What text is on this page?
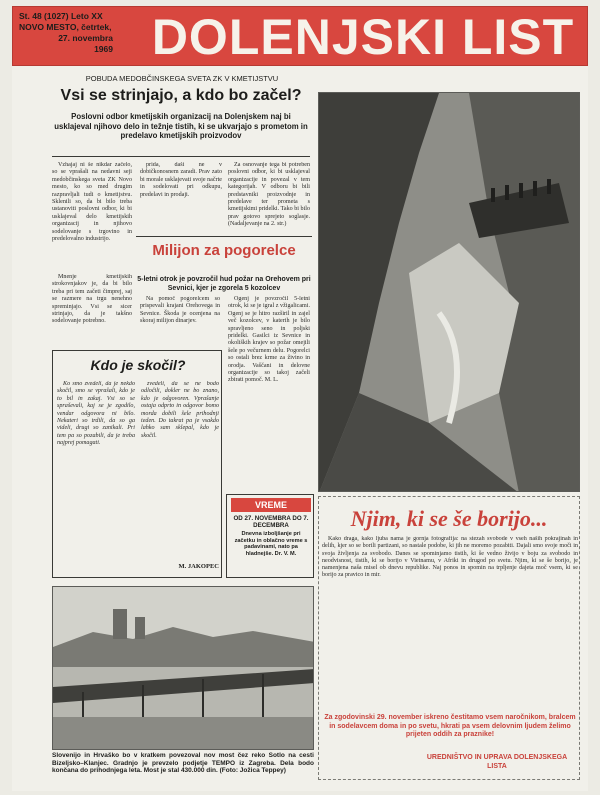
St. 48 (1027) Leto XX
NOVO MESTO, četrtek,
27. novembra
1969 DOLENJSKI LIST
POBUDA MEDOBČINSKEGA SVETA ZK V KMETIJSTVU
Vsi se strinjajo, a kdo bo začel?
Poslovni odbor kmetijskih organizacij na Dolenjskem naj bi usklajeval njihovo delo in težnje tistih, ki se ukvarjajo s prometom in predelavo kmetijskih proizvodov

Vzhajaj ni še nikdar začelo, so se vprašali na nedavni seji medobčinskega sveta ZK Novo mesto, ko so med drugim razpravljali tudi o kmetijstvu. Sklenili so, da bi bilo treba ustanoviti poslovni odbor, ki bi usklajeval delo kmetijskih organizacij in njihovo sodelovanje s trgovino in predelovalno industrijo.

prida, daši ne v dobičkonosnem zaradi. Prav zato bi morale usklajevati svoje načrte in sodelovati pri odkupu, predelavi in prodaji.

Za osnovanje tega bi potreben poslovni odbor, ki bi usklajeval organizacije in povezal v tem kategorijah. V odboru bi bili predstavniki proizvodnje in predelave ter prometa s kmetijskimi pridelki. Tako bi bilo prav gotovo sprejeto soglasje. (Nadaljevanje na 2. str.)

Mnenje kmetijskih strokovnjakov je, da bi bilo treba pri tem začeti čimprej, saj se razmere na trgu nenehno spreminjajo. Vsi se sicer strinjajo, da je takšno sodelovanje potrebno.

Milijon za pogorelce
5-letni otrok je povzročil hud požar na Orehovem pri Sevnici, kjer je zgorela 5 kozolcev

Na pomoč pogorelcem so prispevali krajani Orehovega in Sevnice. Škoda je ocenjena na skoraj milijon dinarjev.

Ogenj je povzročil 5-letni otrok, ki se je igral z vžigalicami. Ogenj se je hitro razširil in zajel več kozolcev, v katerih je bilo spravljeno seno in poljski pridelki. Gasilci iz Sevnice in okoliških krajev so požar omejili šele po večurnem delu. Pogorelci so ostali brez krme za živino in orodja. Vaščani in delovne organizacije so takoj začeli zbirati pomoč. M. L.

Kdo je skočil?

Ko smo zvedeli, da je nekdo skočil, smo se vprašali, kdo je to bil in zakaj. Vsi so se spraševali, kaj se je zgodilo, vendar odgovora ni bilo. Nekateri so trdili, da so ga videli, drugi so zanikali. Pri tem pa so pozabili, da je treba najprej pomagati.

zvedeli, da se ne bodo odločili, dokler ne bo znano, kdo je odgovoren. Vprašanje ostaja odprto in odgovor bomo morda dobili šele prihodnji teden. Do takrat pa je vsakdo lahko sam sklepal, kdo je skočil.

M. JAKOPEC
VREME
OD 27. NOVEMBRA DO 7. DECEMBRA
Dnevna izboljšanje pri začetku in oblačno vreme s padavinami, nato pa hladnejše. Dr. V. M.
Slovenijo in Hrvaško bo v kratkem povezoval nov most čez reko Sotlo na cesti Bizeljsko–Klanjec. Gradnjo je prevzelo podjetje TEMPO iz Zagreba. Dela bodo končana do prihodnjega leta. Most je stal 430.000 din. (Foto: Jožica Teppey)
Njim, ki se še borijo...

Kako draga, kako ljuba nama je gornja fotografija: na stezah svobode v vseh naših pokrajinah in delih, kjer so se borili partizani, so nastale podobe, ki jih ne moremo pozabiti. Dajali smo svoje moči in svoja življenja za svobodo. Danes se spominjamo tistih, ki še vedno živijo v boju za svobodo in neodvisnost, tistih, ki se borijo v Vietnamu, v Afriki in drugod po svetu. Njim, ki se še borijo, je namenjena naša misel ob dnevu republike. Naj ponos in spomin na trpljenje dajeta moč vsem, ki se borijo za pravico in mir.

Za zgodovinski 29. november iskreno čestitamo vsem naročnikom, bralcem in sodelavcem doma in po svetu, hkrati pa vsem delovnim ljudem želimo prijeten oddih za praznike!
UREDNIŠTVO IN UPRAVA DOLENJSKEGA LISTA
